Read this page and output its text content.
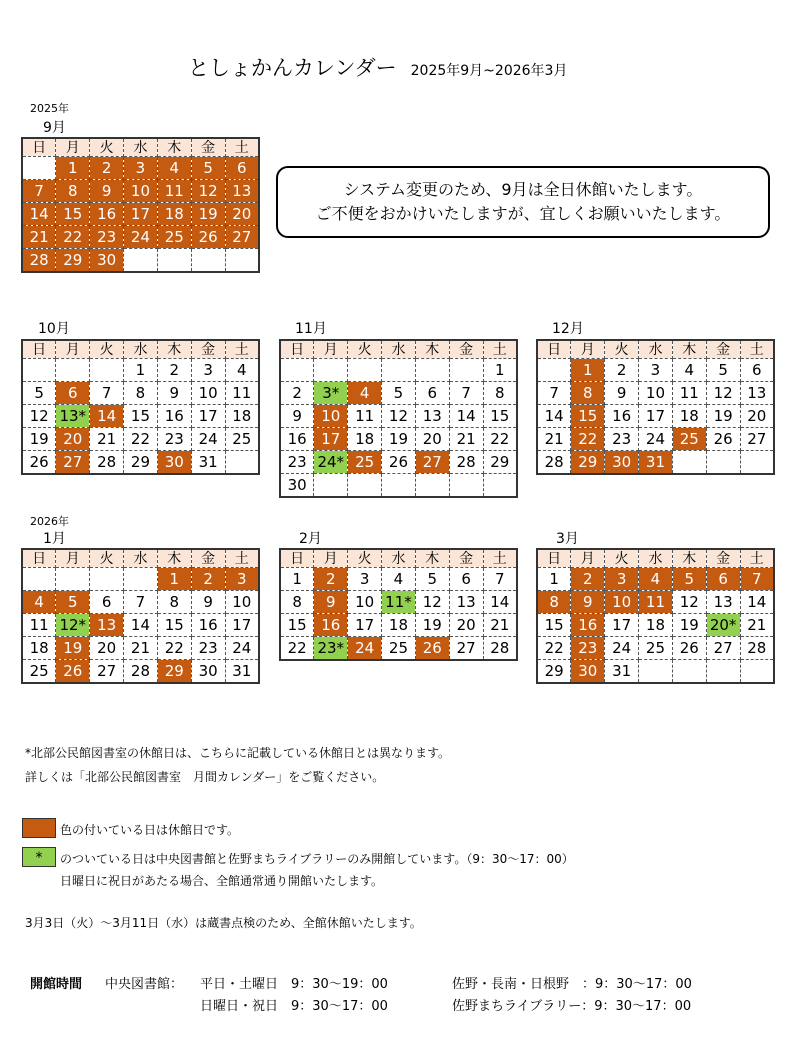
としょかんカレンダー 2025年9月~2026年3月
2025年
9月
10月	11月	12月
2026年
1月	2月	3月
日	月	火	水	木	金	土
	1	2	3	4	5	6
7	8	9	10	11	12	13
14	15	16	17	18	19	20
21	22	23	24	25	26	27
28	29	30				
日	月	火	水	木	金	土
			1	2	3	4
5	6	7	8	9	10	11
12	13*	14	15	16	17	18
19	20	21	22	23	24	25
26	27	28	29	30	31	
日	月	火	水	木	金	土
						1
2	3*	4	5	6	7	8
9	10	11	12	13	14	15
16	17	18	19	20	21	22
23	24*	25	26	27	28	29
30						
日	月	火	水	木	金	土
	1	2	3	4	5	6
7	8	9	10	11	12	13
14	15	16	17	18	19	20
21	22	23	24	25	26	27
28	29	30	31			
日	月	火	水	木	金	土
				1	2	3
4	5	6	7	8	9	10
11	12*	13	14	15	16	17
18	19	20	21	22	23	24
25	26	27	28	29	30	31
日	月	火	水	木	金	土
1	2	3	4	5	6	7
8	9	10	11*	12	13	14
15	16	17	18	19	20	21
22	23*	24	25	26	27	28
日	月	火	水	木	金	土
1	2	3	4	5	6	7
8	9	10	11	12	13	14
15	16	17	18	19	20*	21
22	23	24	25	26	27	28
29	30	31				
システム変更のため、9月は全日休館いたします。
ご不便をおかけいたしますが、宜しくお願いいたします。
*北部公民館図書室の休館日は、こちらに記載している休館日とは異なります。
詳しくは「北部公民館図書室　月間カレンダー」をご覧ください。
色の付いている日は休館日です。
*	のついている日は中央図書館と佐野まちライブラリーのみ開館しています。（9：30〜17：00）
日曜日に祝日があたる場合、全館通常通り開館いたします。
3月3日（火）〜3月11日（水）は蔵書点検のため、全館休館いたします。
開館時間 中央図書館： 平日・土曜日　9：30〜19：00
日曜日・祝日　9：30〜17：00
佐野・長南・日根野　：9：30〜17：00
佐野まちライブラリー：9：30〜17：00
